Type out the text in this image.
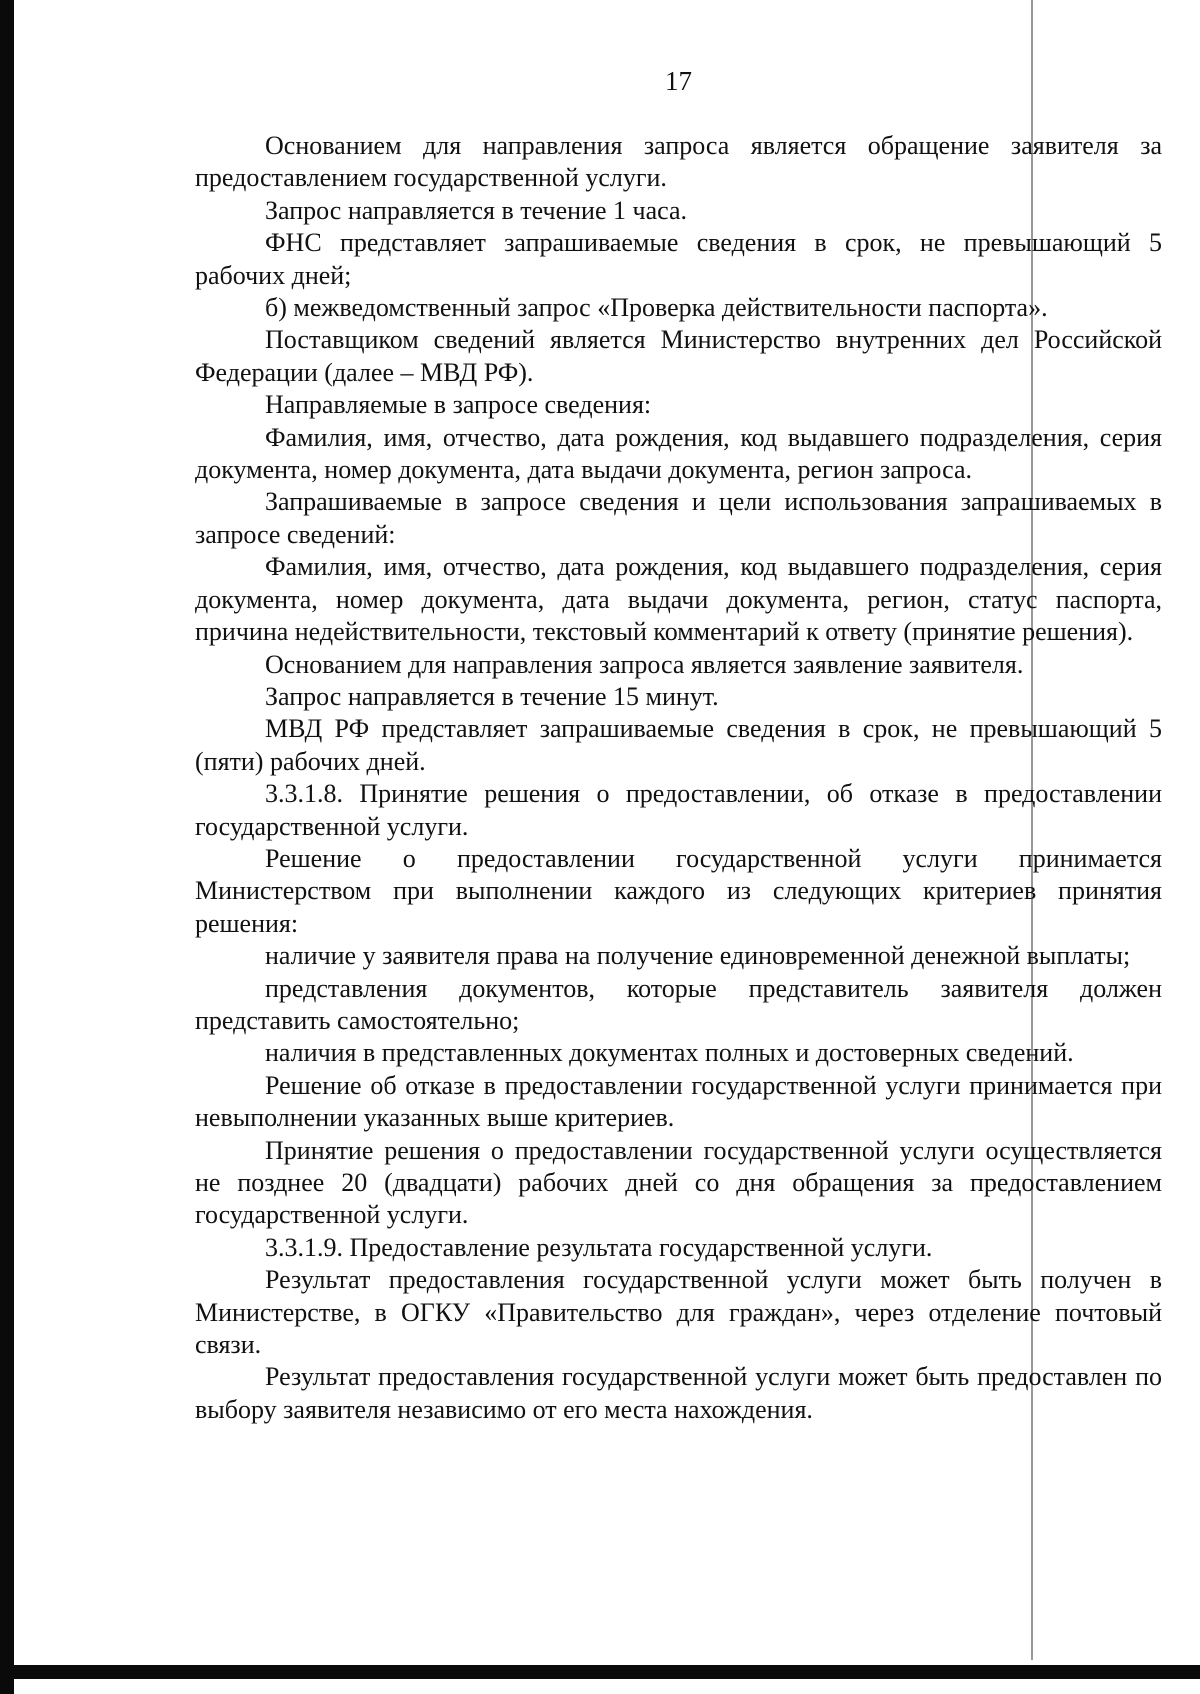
17

Основанием для направления запроса является обращение заявителя за предоставлением государственной услуги.

Запрос направляется в течение 1 часа.

ФНС представляет запрашиваемые сведения в срок, не превышающий 5 рабочих дней;

б) межведомственный запрос «Проверка действительности паспорта».

Поставщиком сведений является Министерство внутренних дел Российской Федерации (далее – МВД РФ).

Направляемые в запросе сведения:

Фамилия, имя, отчество, дата рождения, код выдавшего подразделения, серия документа, номер документа, дата выдачи документа, регион запроса.

Запрашиваемые в запросе сведения и цели использования запрашиваемых в запросе сведений:

Фамилия, имя, отчество, дата рождения, код выдавшего подразделения, серия документа, номер документа, дата выдачи документа, регион, статус паспорта, причина недействительности, текстовый комментарий к ответу (принятие решения).

Основанием для направления запроса является заявление заявителя.

Запрос направляется в течение 15 минут.

МВД РФ представляет запрашиваемые сведения в срок, не превышающий 5 (пяти) рабочих дней.

3.3.1.8. Принятие решения о предоставлении, об отказе в предоставлении государственной услуги.

Решение о предоставлении государственной услуги принимается Министерством при выполнении каждого из следующих критериев принятия решения:

наличие у заявителя права на получение единовременной денежной выплаты;

представления документов, которые представитель заявителя должен представить самостоятельно;

наличия в представленных документах полных и достоверных сведений.

Решение об отказе в предоставлении государственной услуги принимается при невыполнении указанных выше критериев.

Принятие решения о предоставлении государственной услуги осуществляется не позднее 20 (двадцати) рабочих дней со дня обращения за предоставлением государственной услуги.

3.3.1.9. Предоставление результата государственной услуги.

Результат предоставления государственной услуги может быть получен в Министерстве, в ОГКУ «Правительство для граждан», через отделение почтовый связи.

Результат предоставления государственной услуги может быть предоставлен по выбору заявителя независимо от его места нахождения.
